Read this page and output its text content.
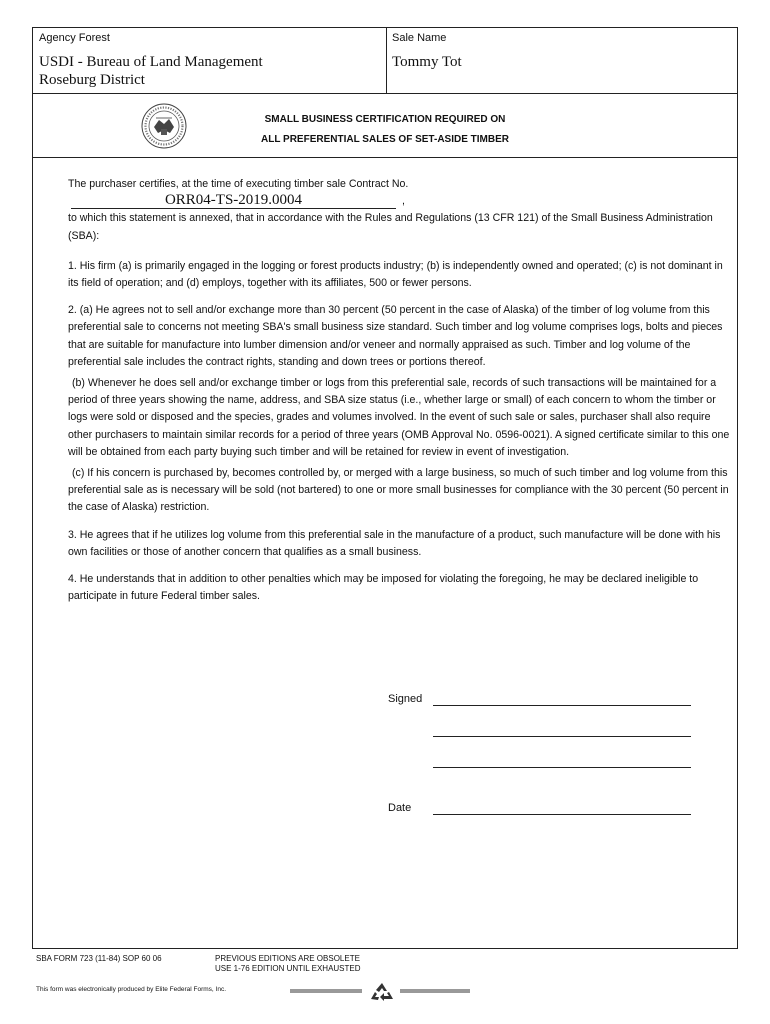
Agency Forest
USDI - Bureau of Land Management
Roseburg District
Sale Name
Tommy Tot
SMALL BUSINESS CERTIFICATION REQUIRED ON
ALL PREFERENTIAL SALES OF SET-ASIDE TIMBER

The purchaser certifies, at the time of executing timber sale Contract No.ORR04-TS-2019.0004	,
to which this statement is annexed, that in accordance with the Rules and Regulations (13 CFR 121) of the Small Business Administration (SBA):

1. His firm (a) is primarily engaged in the logging or forest products industry; (b) is independently owned and operated; (c) is not dominant in its field of operation; and (d) employs, together with its affiliates, 500 or fewer persons.

2. (a) He agrees not to sell and/or exchange more than 30 percent (50 percent in the case of Alaska) of the timber of log volume from this preferential sale to concerns not meeting SBA's small business size standard. Such timber and log volume comprises logs, bolts and pieces that are suitable for manufacture into lumber dimension and/or veneer and normally appraised as such. Timber and log volume of the preferential sale includes the contract rights, standing and down trees or portions thereof.

(b) Whenever he does sell and/or exchange timber or logs from this preferential sale, records of such transactions will be maintained for a period of three years showing the name, address, and SBA size status (i.e., whether large or small) of each concern to whom the timber or logs were sold or disposed and the species, grades and volumes involved. In the event of such sale or sales, purchaser shall also require other purchasers to maintain similar records for a period of three years (OMB Approval No. 0596-0021). A signed certificate similar to this one will be obtained from each party buying such timber and will be retained for review in event of investigation.

(c) If his concern is purchased by, becomes controlled by, or merged with a large business, so much of such timber and log volume from this preferential sale as is necessary will be sold (not bartered) to one or more small businesses for compliance with the 30 percent (50 percent in the case of Alaska) restriction.

3. He agrees that if he utilizes log volume from this preferential sale in the manufacture of a product, such manufacture will be done with his own facilities or those of another concern that qualifies as a small business.

4. He understands that in addition to other penalties which may be imposed for violating the foregoing, he may be declared ineligible to participate in future Federal timber sales.

Signed
Date
SBA FORM 723 (11-84) SOP 60 06	PREVIOUS EDITIONS ARE OBSOLETE
USE 1-76 EDITION UNTIL EXHAUSTED
This form was electronically produced by Elite Federal Forms, Inc.
